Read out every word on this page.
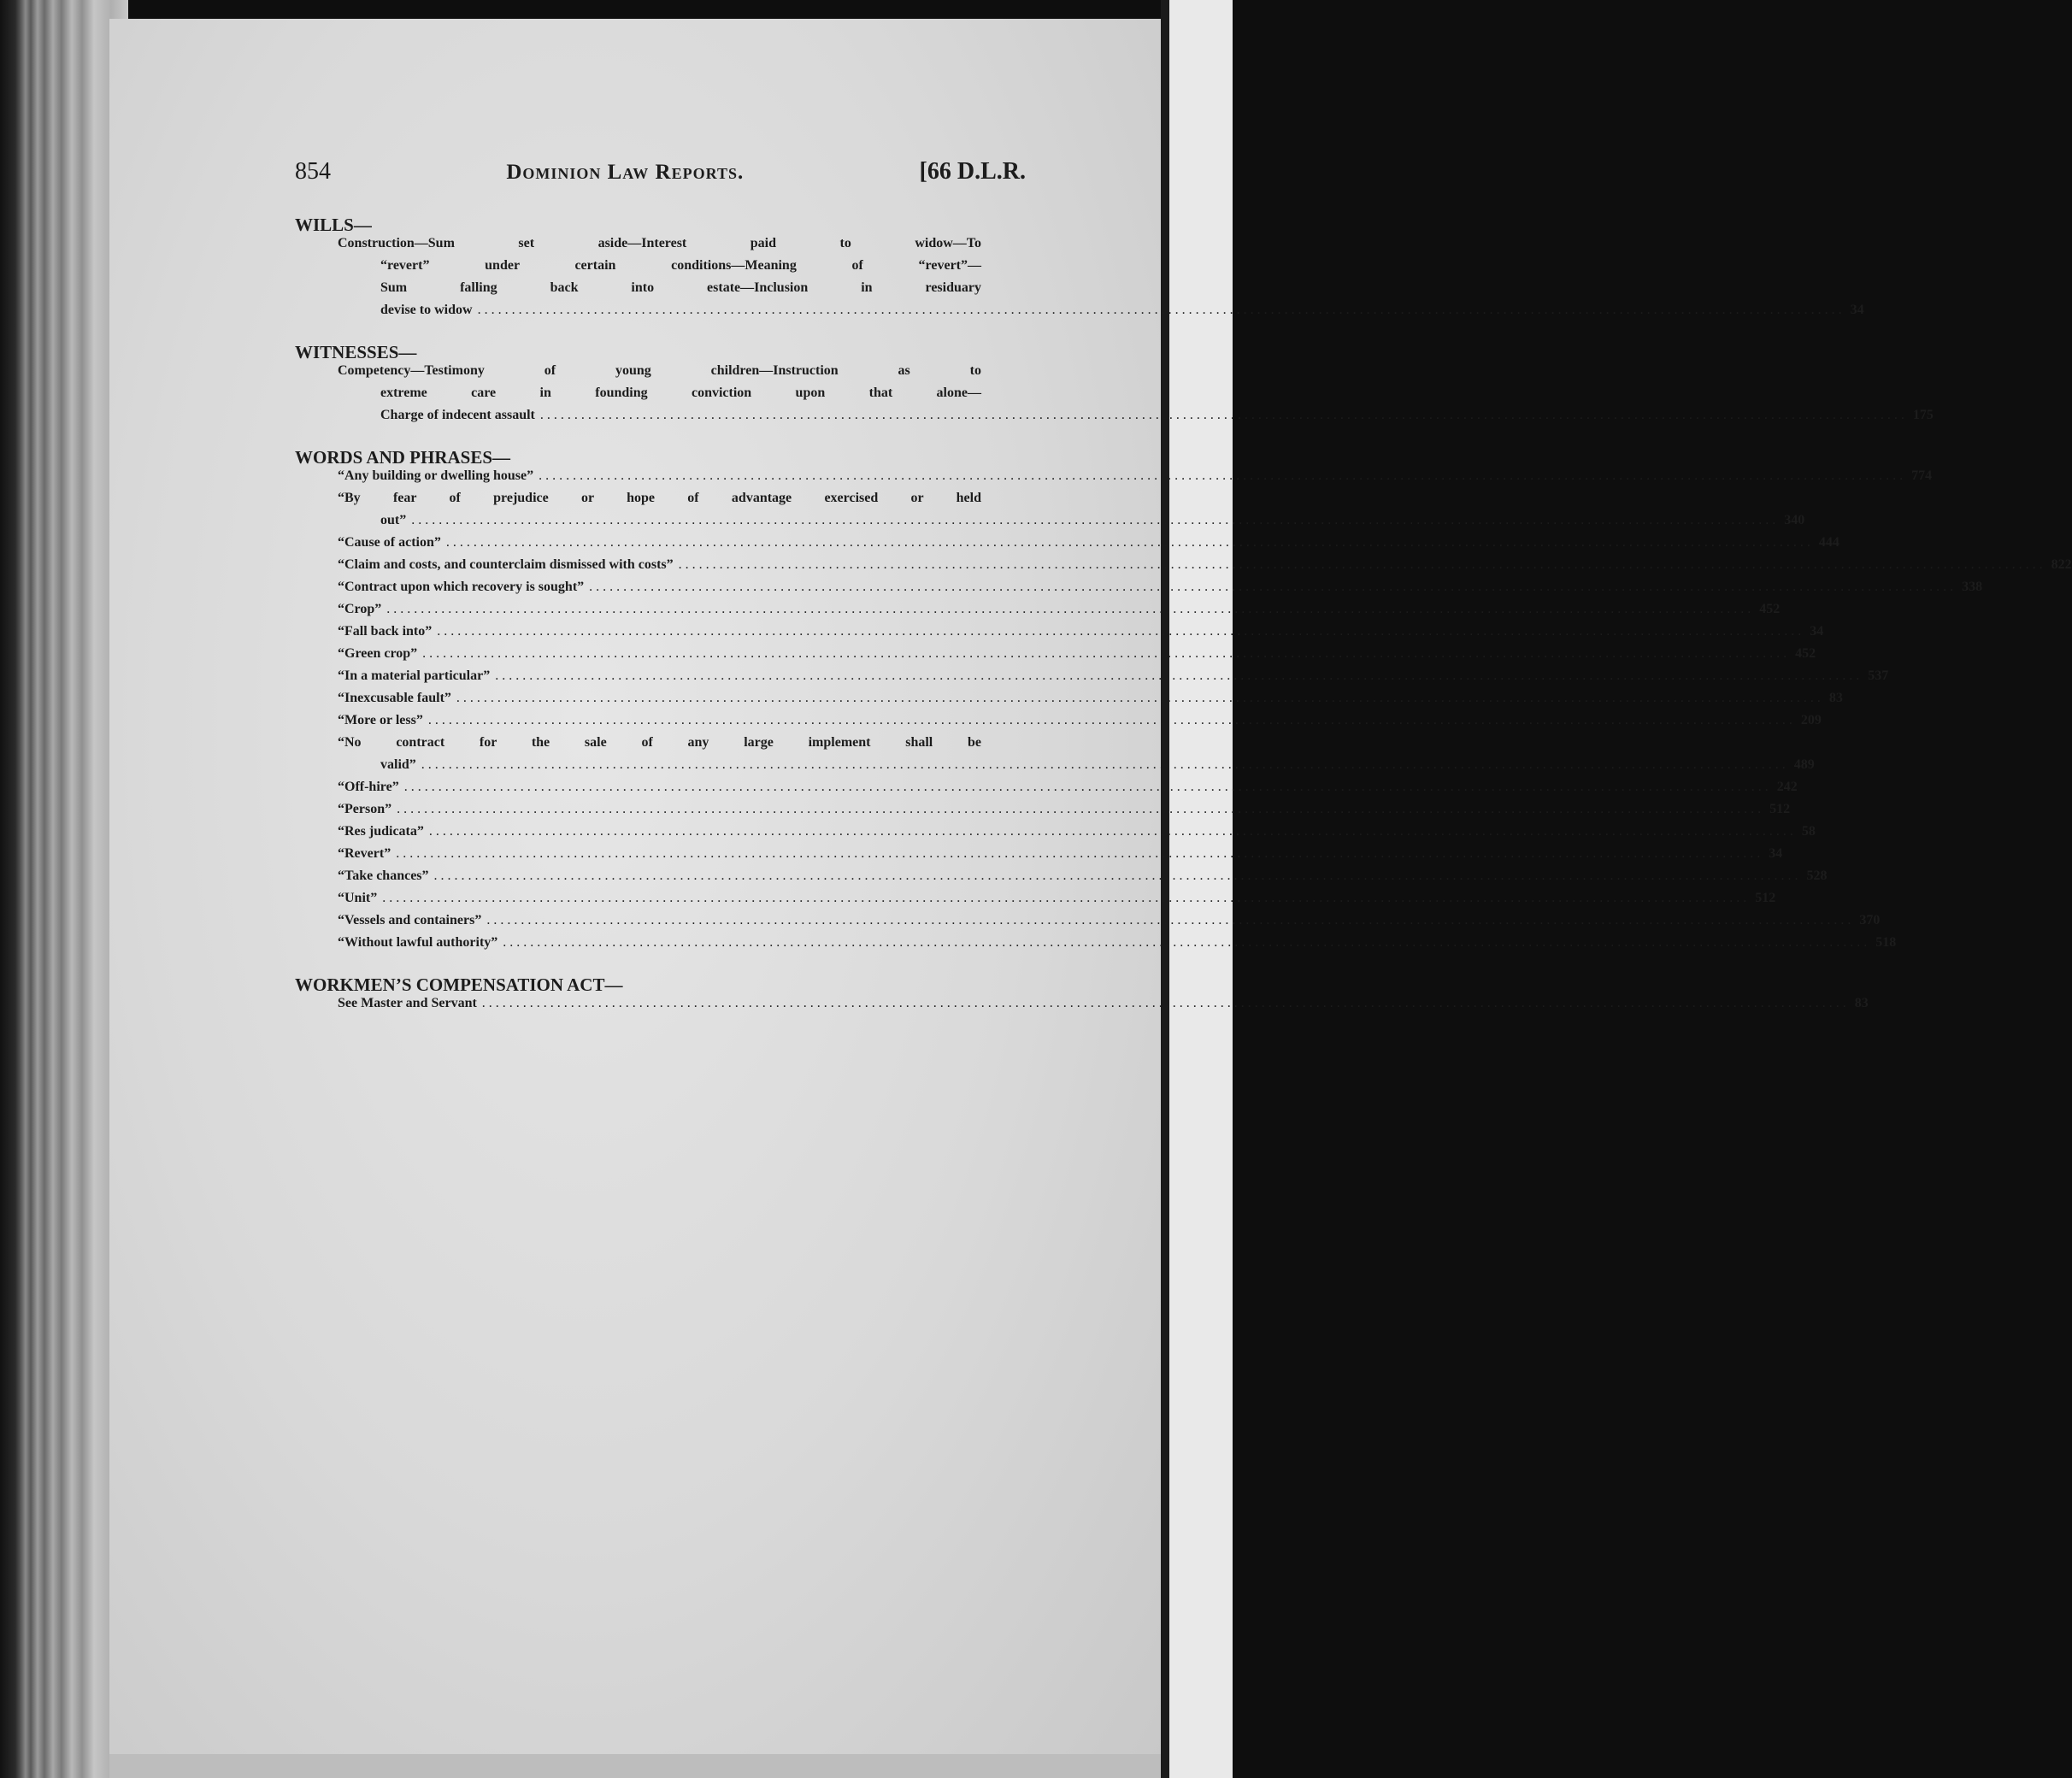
854	Dominion Law Reports.	[66 D.L.R.
WILLS—
Construction—Sum set aside—Interest paid to widow—To
“revert” under certain conditions—Meaning of “revert”—
Sum falling back into estate—Inclusion in residuary
devise to widow ........................................................................................................................................................................................................ 34
WITNESSES—
Competency—Testimony of young children—Instruction as to
extreme care in founding conviction upon that alone—
Charge of indecent assault ........................................................................................................................................................................................................ 175
WORDS AND PHRASES—
“Any building or dwelling house” ........................................................................................................................................................................................................ 774
“By fear of prejudice or hope of advantage exercised or held
out” ........................................................................................................................................................................................................ 340
“Cause of action” ........................................................................................................................................................................................................ 444
“Claim and costs, and counterclaim dismissed with costs” ........................................................................................................................................................................................................ 822
“Contract upon which recovery is sought” ........................................................................................................................................................................................................ 338
“Crop” ........................................................................................................................................................................................................ 452
“Fall back into” ........................................................................................................................................................................................................ 34
“Green crop” ........................................................................................................................................................................................................ 452
“In a material particular” ........................................................................................................................................................................................................ 537
“Inexcusable fault” ........................................................................................................................................................................................................ 83
“More or less” ........................................................................................................................................................................................................ 209
“No contract for the sale of any large implement shall be
valid” ........................................................................................................................................................................................................ 489
“Off-hire” ........................................................................................................................................................................................................ 242
“Person” ........................................................................................................................................................................................................ 512
“Res judicata” ........................................................................................................................................................................................................ 58
“Revert” ........................................................................................................................................................................................................ 34
“Take chances” ........................................................................................................................................................................................................ 528
“Unit” ........................................................................................................................................................................................................ 512
“Vessels and containers” ........................................................................................................................................................................................................ 370
“Without lawful authority” ........................................................................................................................................................................................................ 518
WORKMEN’S COMPENSATION ACT—
See Master and Servant ........................................................................................................................................................................................................ 83
